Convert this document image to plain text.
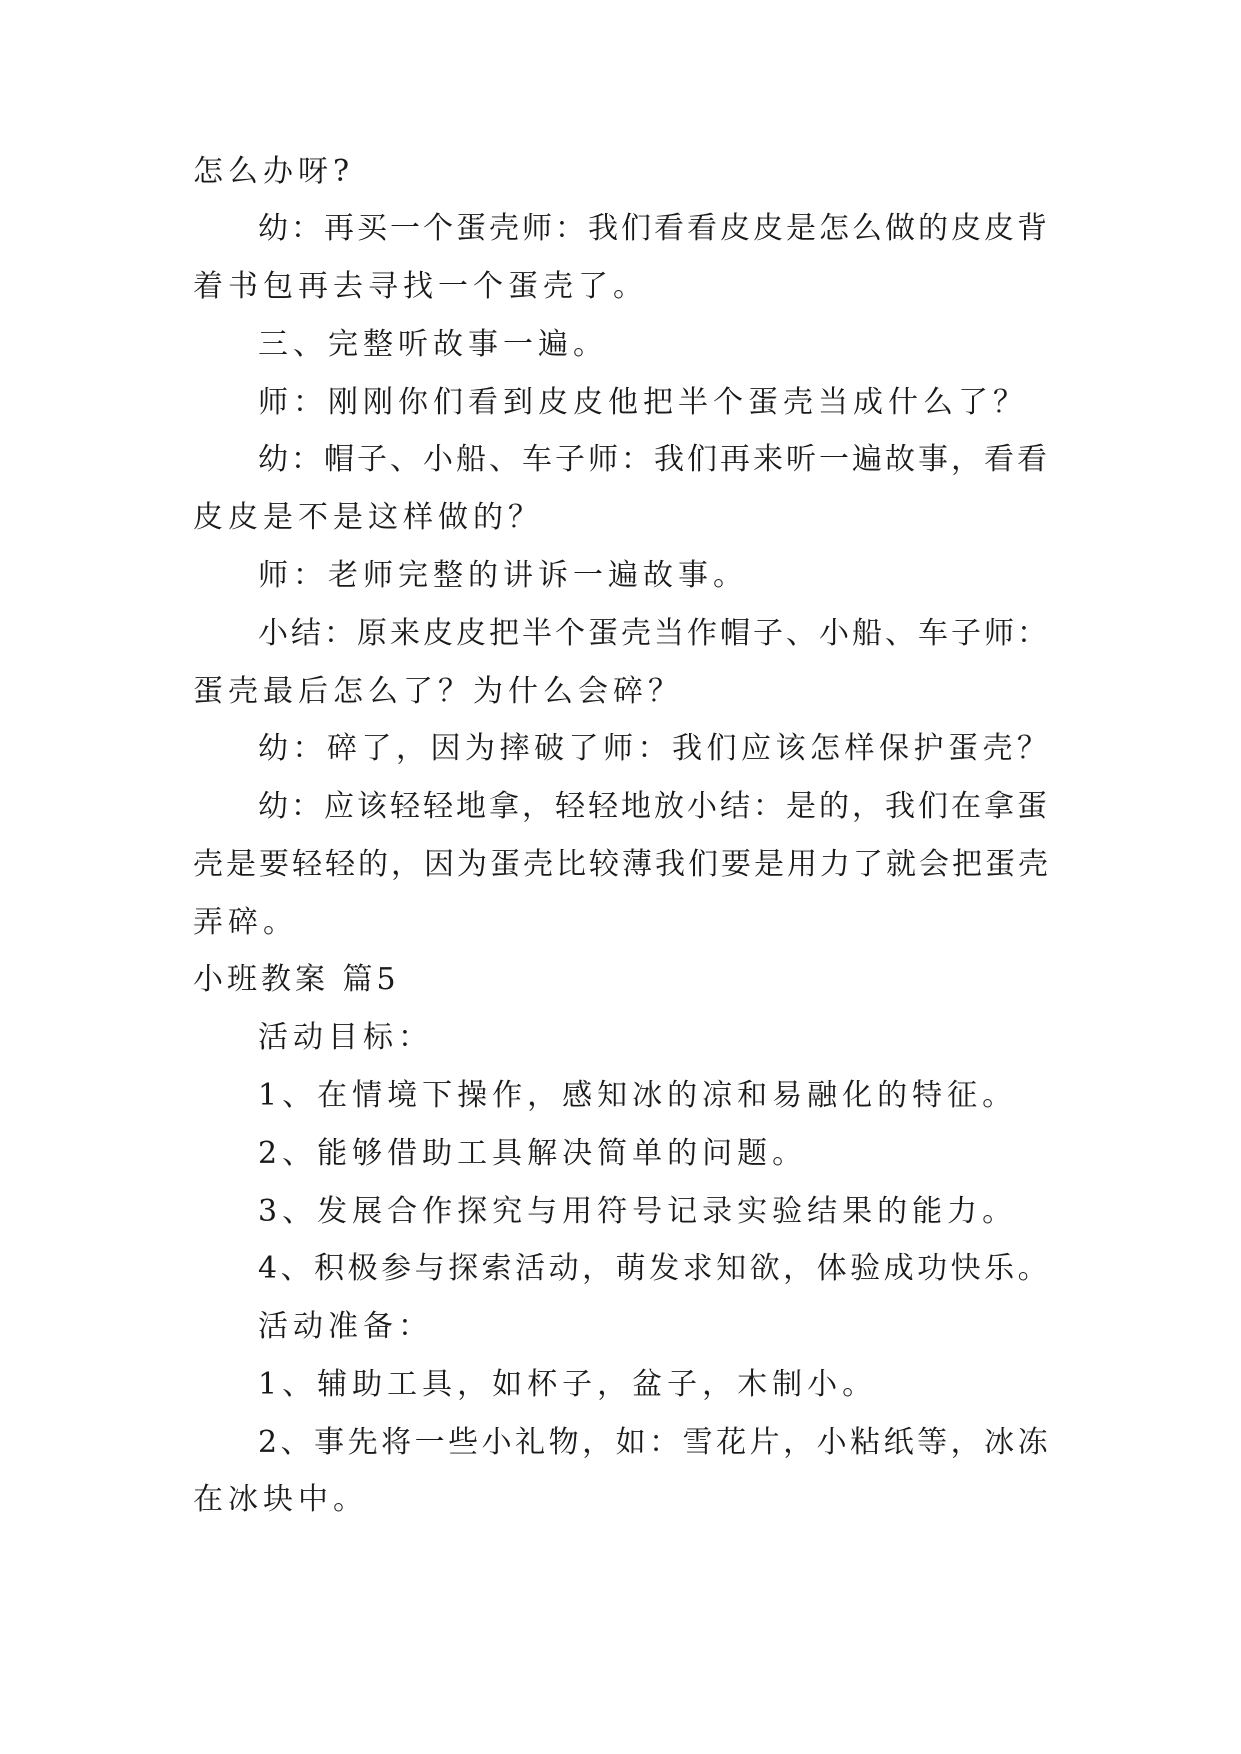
怎么办呀?
幼：再买一个蛋壳师：我们看看皮皮是怎么做的皮皮背
着书包再去寻找一个蛋壳了。
三、完整听故事一遍。
师：刚刚你们看到皮皮他把半个蛋壳当成什么了？
幼：帽子、小船、车子师：我们再来听一遍故事，看看
皮皮是不是这样做的？
师：老师完整的讲诉一遍故事。
小结：原来皮皮把半个蛋壳当作帽子、小船、车子师：
蛋壳最后怎么了？为什么会碎？
幼：碎了，因为摔破了师：我们应该怎样保护蛋壳？
幼：应该轻轻地拿，轻轻地放小结：是的，我们在拿蛋
壳是要轻轻的，因为蛋壳比较薄我们要是用力了就会把蛋壳
弄碎。
小班教案 篇5
活动目标：
1、在情境下操作，感知冰的凉和易融化的特征。
2、能够借助工具解决简单的问题。
3、发展合作探究与用符号记录实验结果的能力。
4、积极参与探索活动，萌发求知欲，体验成功快乐。
活动准备：
1、辅助工具，如杯子，盆子，木制小。
2、事先将一些小礼物，如：雪花片，小粘纸等，冰冻
在冰块中。
